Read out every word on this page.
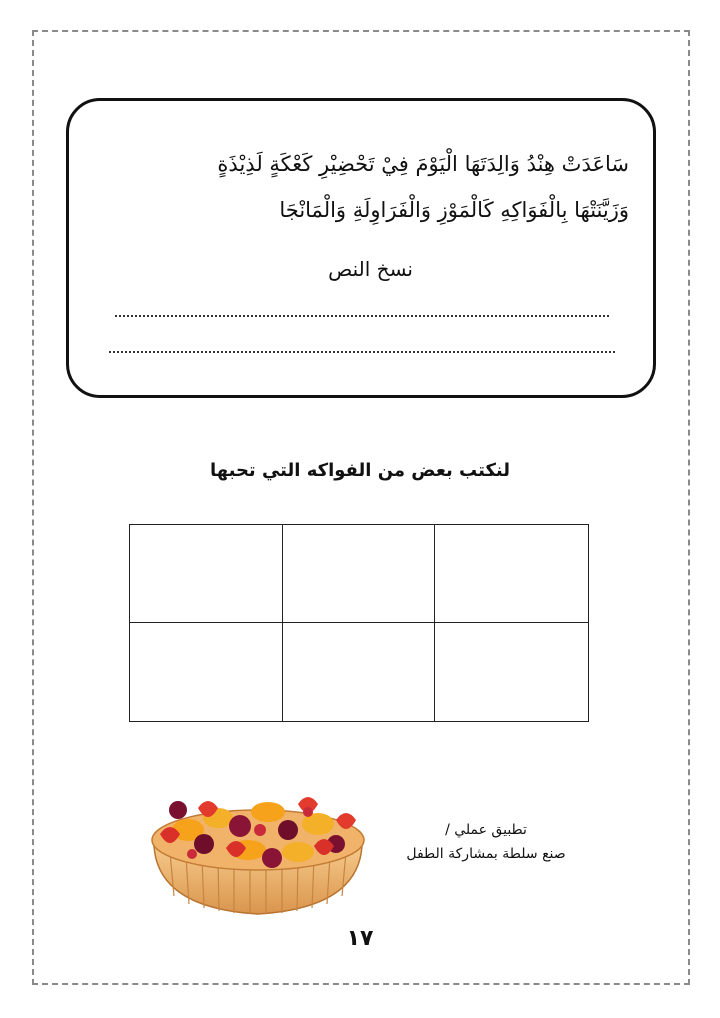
سَاعَدَتْ هِنْدُ وَالِدَتَهَا الْيَوْمَ فِيْ تَحْضِيْرِ كَعْكَةٍ لَذِيْذَةٍ
وَزَيَّنَتْهَا بِالْفَوَاكِهِ كَالْمَوْزِ وَالْفَرَاوِلَةِ وَالْمَانْجَا
نسخ النص
لنكتب بعض من الفواكه التي تحبها
تطبيق عملي /
صنع سلطة بمشاركة الطفل
١٧
